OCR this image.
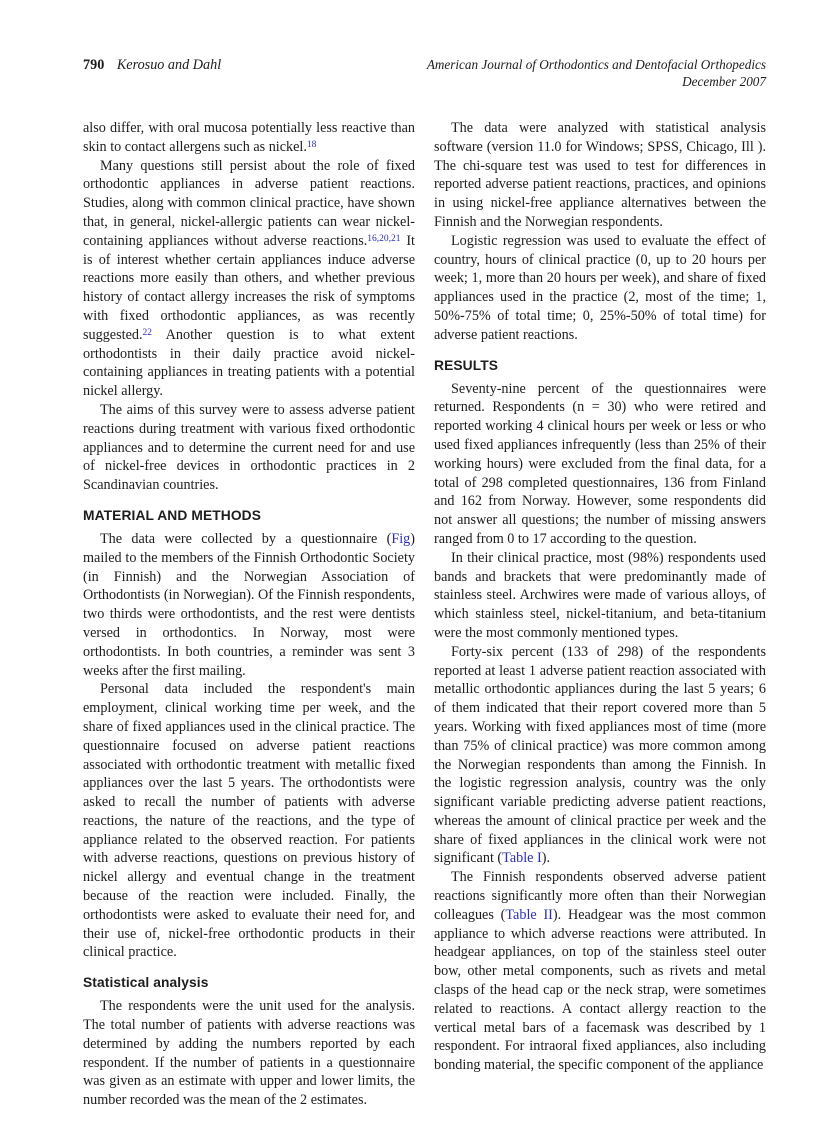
790 Kerosuo and Dahl	American Journal of Orthodontics and Dentofacial Orthopedics
December 2007

also differ, with oral mucosa potentially less reactive than skin to contact allergens such as nickel.$^{18}$

Many questions still persist about the role of fixed orthodontic appliances in adverse patient reactions. Studies, along with common clinical practice, have shown that, in general, nickel-allergic patients can wear nickel-containing appliances without adverse reactions.$^{16,20,21}$ It is of interest whether certain appliances induce adverse reactions more easily than others, and whether previous history of contact allergy increases the risk of symptoms with fixed orthodontic appliances, as was recently suggested.$^{22}$ Another question is to what extent orthodontists in their daily practice avoid nickel-containing appliances in treating patients with a potential nickel allergy.

The aims of this survey were to assess adverse patient reactions during treatment with various fixed orthodontic appliances and to determine the current need for and use of nickel-free devices in orthodontic practices in 2 Scandinavian countries.

MATERIAL AND METHODS

The data were collected by a questionnaire (Fig) mailed to the members of the Finnish Orthodontic Society (in Finnish) and the Norwegian Association of Orthodontists (in Norwegian). Of the Finnish respondents, two thirds were orthodontists, and the rest were dentists versed in orthodontics. In Norway, most were orthodontists. In both countries, a reminder was sent 3 weeks after the first mailing.

Personal data included the respondent's main employment, clinical working time per week, and the share of fixed appliances used in the clinical practice. The questionnaire focused on adverse patient reactions associated with orthodontic treatment with metallic fixed appliances over the last 5 years. The orthodontists were asked to recall the number of patients with adverse reactions, the nature of the reactions, and the type of appliance related to the observed reaction. For patients with adverse reactions, questions on previous history of nickel allergy and eventual change in the treatment because of the reaction were included. Finally, the orthodontists were asked to evaluate their need for, and their use of, nickel-free orthodontic products in their clinical practice.

Statistical analysis

The respondents were the unit used for the analysis. The total number of patients with adverse reactions was determined by adding the numbers reported by each respondent. If the number of patients in a questionnaire was given as an estimate with upper and lower limits, the number recorded was the mean of the 2 estimates.

The data were analyzed with statistical analysis software (version 11.0 for Windows; SPSS, Chicago, Ill ). The chi-square test was used to test for differences in reported adverse patient reactions, practices, and opinions in using nickel-free appliance alternatives between the Finnish and the Norwegian respondents.

Logistic regression was used to evaluate the effect of country, hours of clinical practice (0, up to 20 hours per week; 1, more than 20 hours per week), and share of fixed appliances used in the practice (2, most of the time; 1, 50%-75% of total time; 0, 25%-50% of total time) for adverse patient reactions.

RESULTS

Seventy-nine percent of the questionnaires were returned. Respondents (n = 30) who were retired and reported working 4 clinical hours per week or less or who used fixed appliances infrequently (less than 25% of their working hours) were excluded from the final data, for a total of 298 completed questionnaires, 136 from Finland and 162 from Norway. However, some respondents did not answer all questions; the number of missing answers ranged from 0 to 17 according to the question.

In their clinical practice, most (98%) respondents used bands and brackets that were predominantly made of stainless steel. Archwires were made of various alloys, of which stainless steel, nickel-titanium, and beta-titanium were the most commonly mentioned types.

Forty-six percent (133 of 298) of the respondents reported at least 1 adverse patient reaction associated with metallic orthodontic appliances during the last 5 years; 6 of them indicated that their report covered more than 5 years. Working with fixed appliances most of time (more than 75% of clinical practice) was more common among the Norwegian respondents than among the Finnish. In the logistic regression analysis, country was the only significant variable predicting adverse patient reactions, whereas the amount of clinical practice per week and the share of fixed appliances in the clinical work were not significant (Table I).

The Finnish respondents observed adverse patient reactions significantly more often than their Norwegian colleagues (Table II). Headgear was the most common appliance to which adverse reactions were attributed. In headgear appliances, on top of the stainless steel outer bow, other metal components, such as rivets and metal clasps of the head cap or the neck strap, were sometimes related to reactions. A contact allergy reaction to the vertical metal bars of a facemask was described by 1 respondent. For intraoral fixed appliances, also including bonding material, the specific component of the appliance
